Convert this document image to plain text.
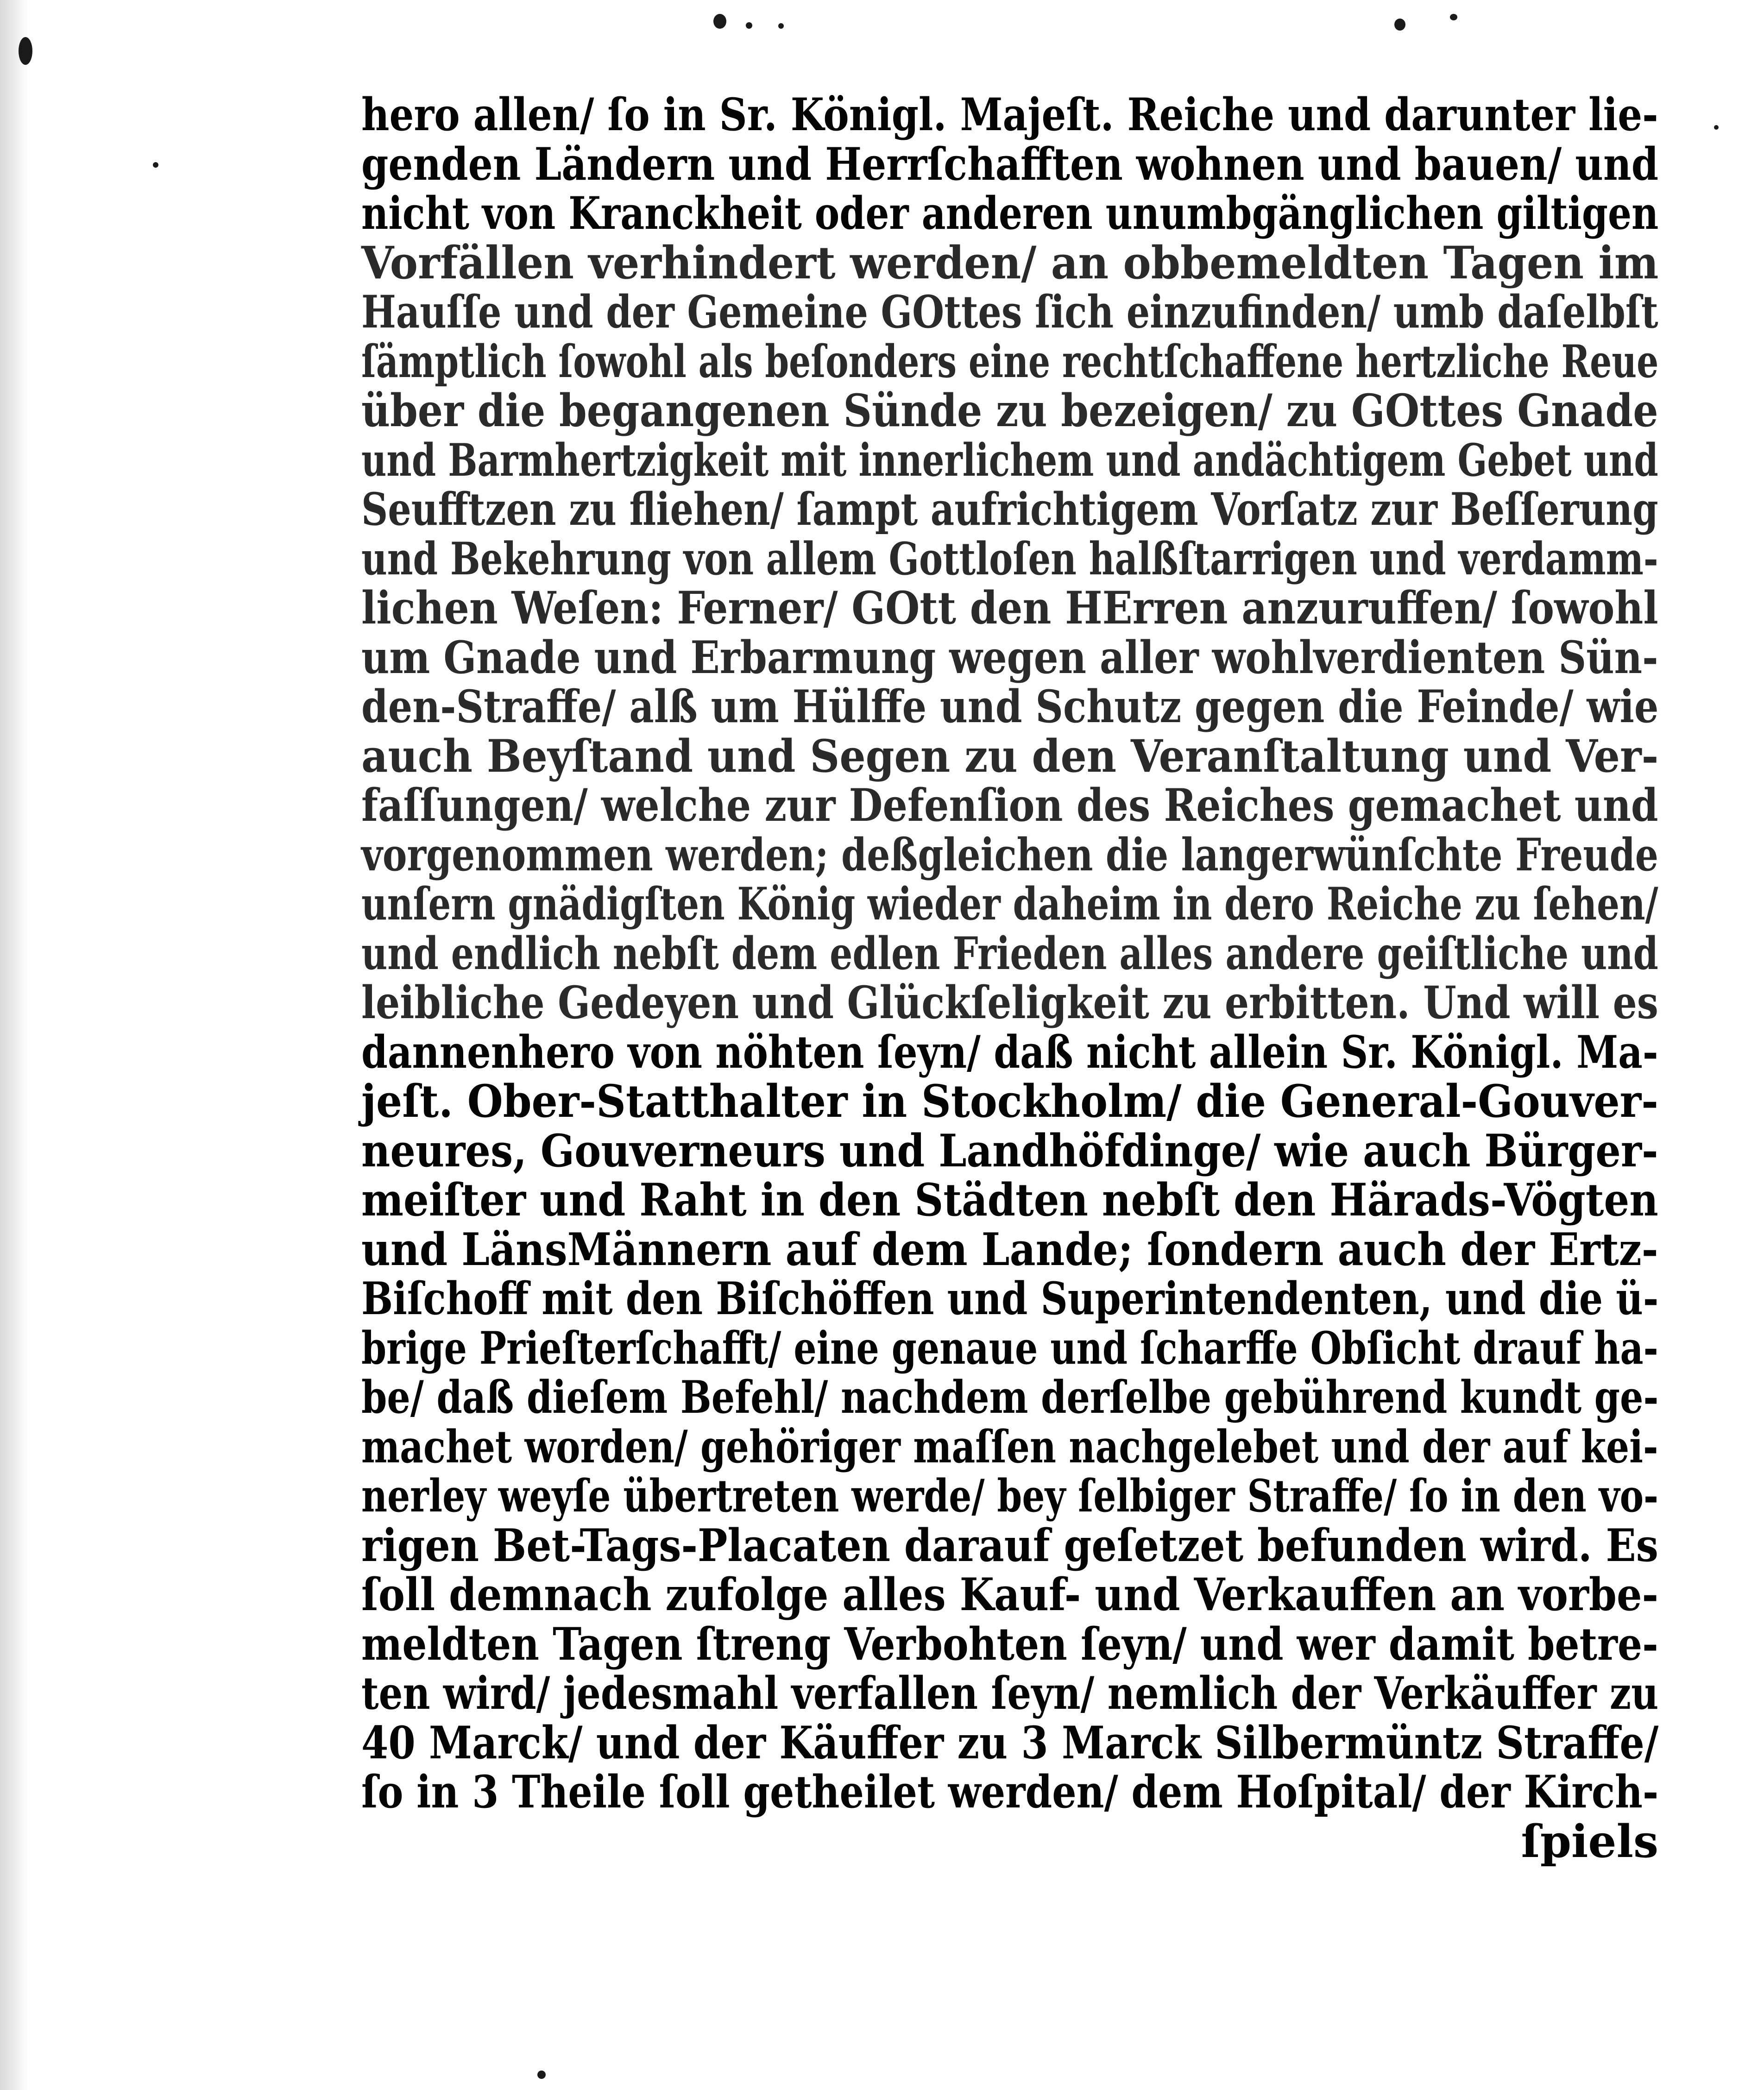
hero allen/ ſo in Sr. Königl. Majeſt. Reiche und darunter lie-
genden Ländern und Herrſchafften wohnen und bauen/ und
nicht von Kranckheit oder anderen unumbgänglichen giltigen
Vorfällen verhindert werden/ an obbemeldten Tagen im
Hauſſe und der Gemeine GOttes ſich einzufinden/ umb daſelbſt
ſämptlich ſowohl als beſonders eine rechtſchaffene hertzliche Reue
über die begangenen Sünde zu bezeigen/ zu GOttes Gnade
und Barmhertzigkeit mit innerlichem und andächtigem Gebet und
Seufftzen zu fliehen/ ſampt aufrichtigem Vorſatz zur Beſſerung
und Bekehrung von allem Gottloſen halßſtarrigen und verdamm-
lichen Weſen: Ferner/ GOtt den HErren anzuruffen/ ſowohl
um Gnade und Erbarmung wegen aller wohlverdienten Sün-
den-Straffe/ alß um Hülffe und Schutz gegen die Feinde/ wie
auch Beyſtand und Segen zu den Veranſtaltung und Ver-
faſſungen/ welche zur Defenſion des Reiches gemachet und
vorgenommen werden; deßgleichen die langerwünſchte Freude
unſern gnädigſten König wieder daheim in dero Reiche zu ſehen/
und endlich nebſt dem edlen Frieden alles andere geiſtliche und
leibliche Gedeyen und Glückſeligkeit zu erbitten. Und will es
dannenhero von nöhten ſeyn/ daß nicht allein Sr. Königl. Ma-
jeſt. Ober-Statthalter in Stockholm/ die General-Gouver-
neures, Gouverneurs und Landhöfdinge/ wie auch Bürger-
meiſter und Raht in den Städten nebſt den Härads-Vögten
und LänsMännern auf dem Lande; ſondern auch der Ertz-
Biſchoff mit den Biſchöffen und Superintendenten, und die ü-
brige Prieſterſchafft/ eine genaue und ſcharffe Obſicht drauf ha-
be/ daß dieſem Befehl/ nachdem derſelbe gebührend kundt ge-
machet worden/ gehöriger maſſen nachgelebet und der auf kei-
nerley weyſe übertreten werde/ bey ſelbiger Straffe/ ſo in den vo-
rigen Bet-Tags-Placaten darauf geſetzet befunden wird. Es
ſoll demnach zufolge alles Kauf- und Verkauffen an vorbe-
meldten Tagen ſtreng Verbohten ſeyn/ und wer damit betre-
ten wird/ jedesmahl verfallen ſeyn/ nemlich der Verkäuffer zu
40 Marck/ und der Käuffer zu 3 Marck Silbermüntz Straffe/
ſo in 3 Theile ſoll getheilet werden/ dem Hoſpital/ der Kirch-
ſpiels
